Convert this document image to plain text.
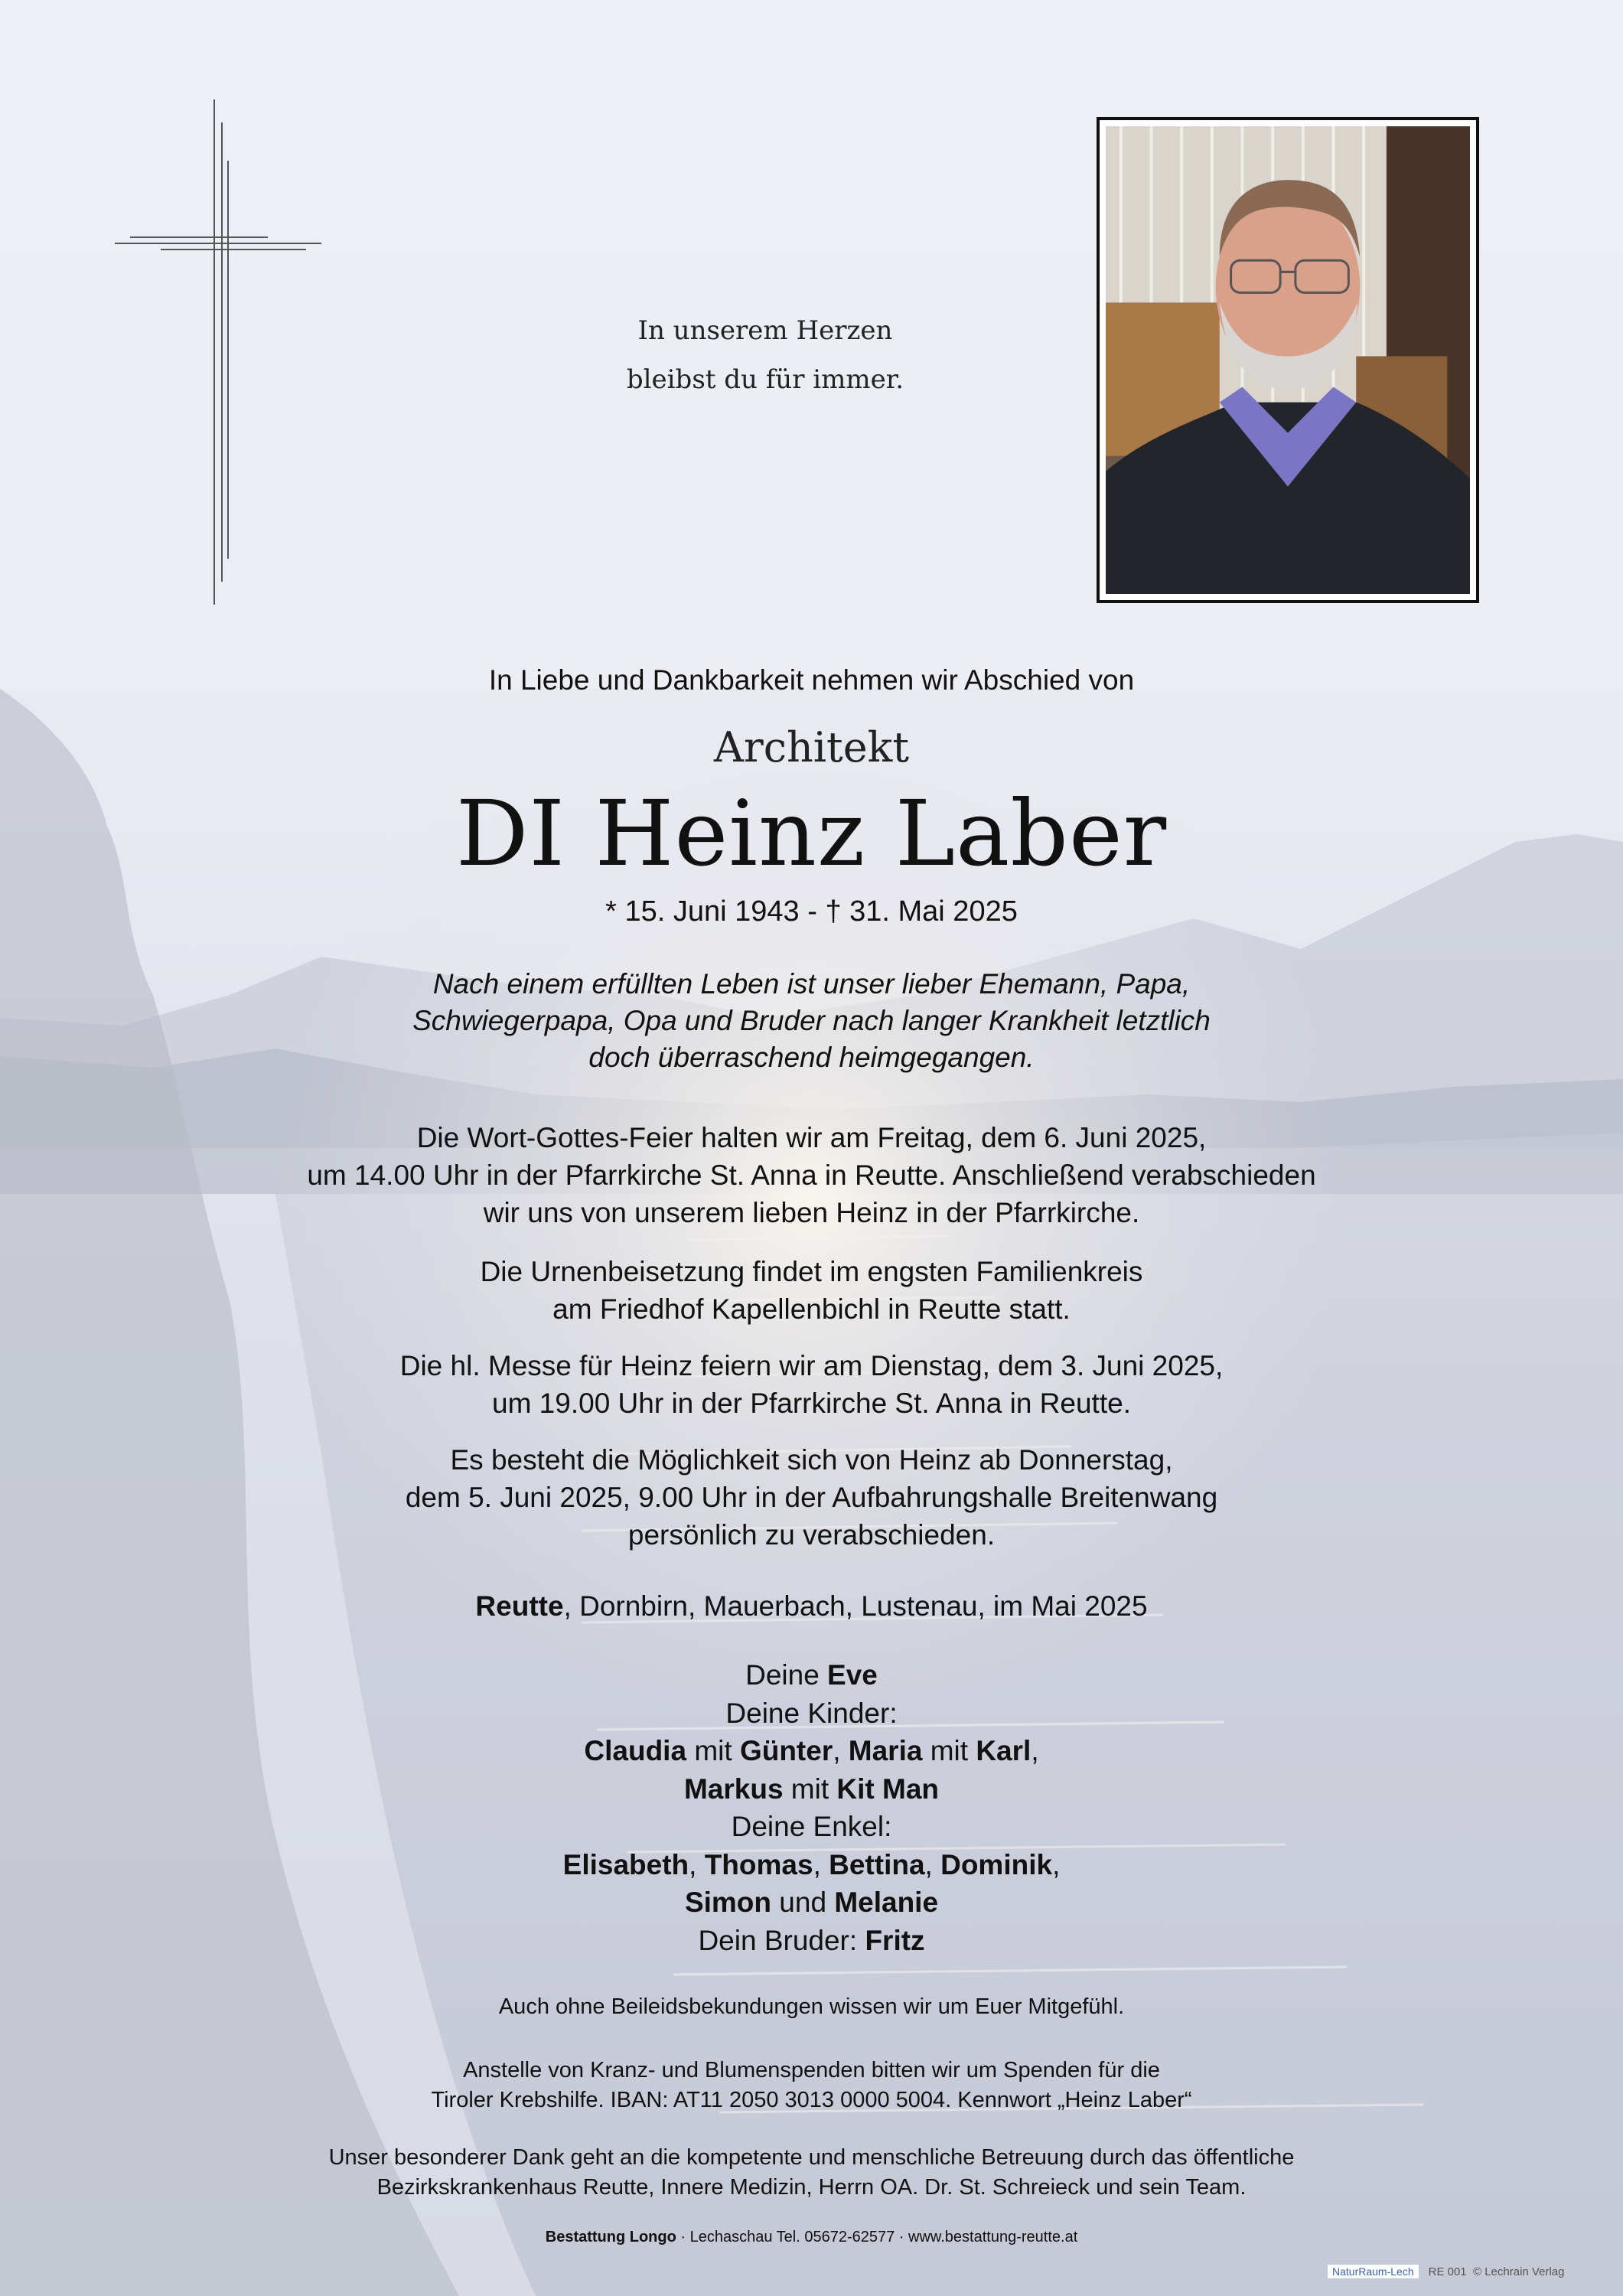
In unserem Herzen
bleibst du für immer.
In Liebe und Dankbarkeit nehmen wir Abschied von
Architekt
DI Heinz Laber
* 15. Juni 1943 - † 31. Mai 2025
Nach einem erfüllten Leben ist unser lieber Ehemann, Papa,
Schwiegerpapa, Opa und Bruder nach langer Krankheit letztlich
doch überraschend heimgegangen.
Die Wort-Gottes-Feier halten wir am Freitag, dem 6. Juni 2025,
um 14.00 Uhr in der Pfarrkirche St. Anna in Reutte. Anschließend verabschieden
wir uns von unserem lieben Heinz in der Pfarrkirche.
Die Urnenbeisetzung findet im engsten Familienkreis
am Friedhof Kapellenbichl in Reutte statt.
Die hl. Messe für Heinz feiern wir am Dienstag, dem 3. Juni 2025,
um 19.00 Uhr in der Pfarrkirche St. Anna in Reutte.
Es besteht die Möglichkeit sich von Heinz ab Donnerstag,
dem 5. Juni 2025, 9.00 Uhr in der Aufbahrungshalle Breitenwang
persönlich zu verabschieden.
Reutte, Dornbirn, Mauerbach, Lustenau, im Mai 2025
Deine Eve
Deine Kinder:
Claudia mit Günter, Maria mit Karl,
Markus mit Kit Man
Deine Enkel:
Elisabeth, Thomas, Bettina, Dominik,
Simon und Melanie
Dein Bruder: Fritz
Auch ohne Beileidsbekundungen wissen wir um Euer Mitgefühl.
Anstelle von Kranz- und Blumenspenden bitten wir um Spenden für die
Tiroler Krebshilfe. IBAN: AT11 2050 3013 0000 5004. Kennwort „Heinz Laber“
Unser besonderer Dank geht an die kompetente und menschliche Betreuung durch das öffentliche
Bezirkskrankenhaus Reutte, Innere Medizin, Herrn OA. Dr. St. Schreieck und sein Team.
Bestattung Longo · Lechaschau Tel. 05672-62577 · www.bestattung-reutte.at
NaturRaum-Lech RE 001 © Lechrain Verlag
